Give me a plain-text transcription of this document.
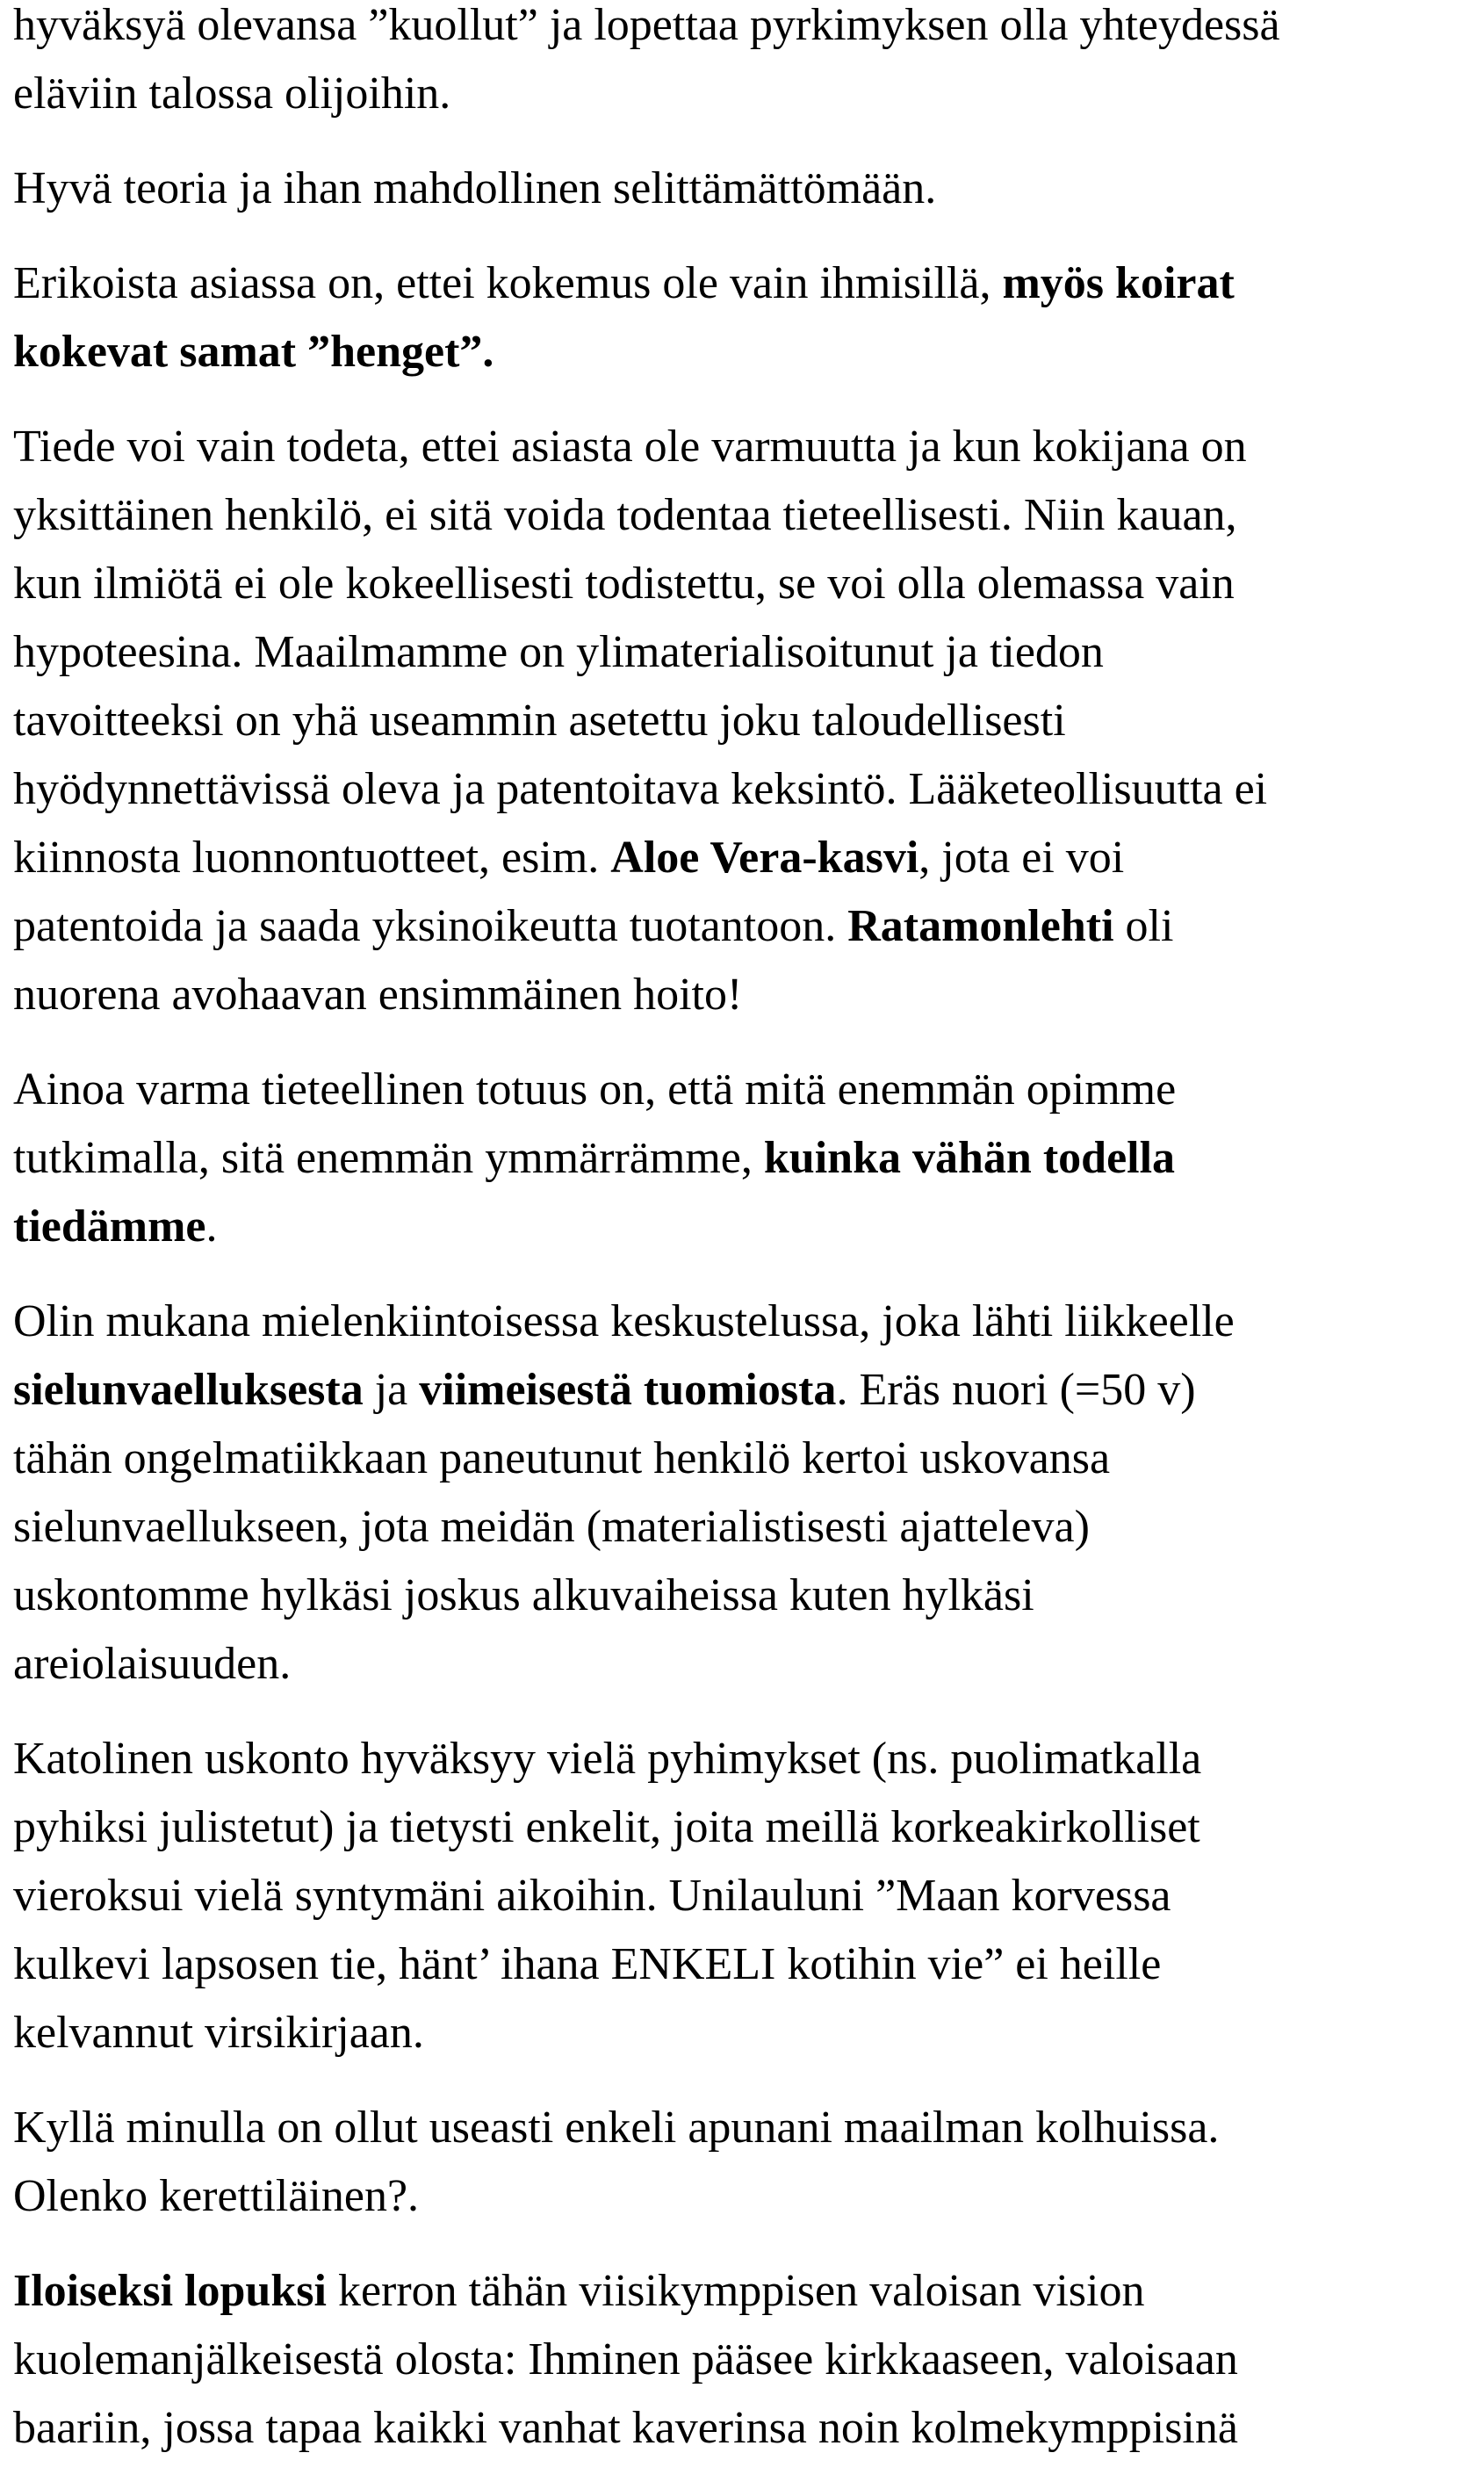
hyväksyä olevansa ”kuollut” ja lopettaa pyrkimyksen olla yhteydessä
eläviin talossa olijoihin.

Hyvä teoria ja ihan mahdollinen selittämättömään.

Erikoista asiassa on, ettei kokemus ole vain ihmisillä, myös koirat
kokevat samat ”henget”.

Tiede voi vain todeta, ettei asiasta ole varmuutta ja kun kokijana on
yksittäinen henkilö, ei sitä voida todentaa tieteellisesti. Niin kauan,
kun ilmiötä ei ole kokeellisesti todistettu, se voi olla olemassa vain
hypoteesina. Maailmamme on ylimaterialisoitunut ja tiedon
tavoitteeksi on yhä useammin asetettu joku taloudellisesti
hyödynnettävissä oleva ja patentoitava keksintö. Lääketeollisuutta ei
kiinnosta luonnontuotteet, esim. Aloe Vera-kasvi, jota ei voi
patentoida ja saada yksinoikeutta tuotantoon. Ratamonlehti oli
nuorena avohaavan ensimmäinen hoito!

Ainoa varma tieteellinen totuus on, että mitä enemmän opimme
tutkimalla, sitä enemmän ymmärrämme, kuinka vähän todella
tiedämme.

Olin mukana mielenkiintoisessa keskustelussa, joka lähti liikkeelle
sielunvaelluksesta ja viimeisestä tuomiosta. Eräs nuori (=50 v)
tähän ongelmatiikkaan paneutunut henkilö kertoi uskovansa
sielunvaellukseen, jota meidän (materialistisesti ajatteleva)
uskontomme hylkäsi joskus alkuvaiheissa kuten hylkäsi
areiolaisuuden.

Katolinen uskonto hyväksyy vielä pyhimykset (ns. puolimatkalla
pyhiksi julistetut) ja tietysti enkelit, joita meillä korkeakirkolliset
vieroksui vielä syntymäni aikoihin. Unilauluni ”Maan korvessa
kulkevi lapsosen tie, hänt’ ihana ENKELI kotihin vie” ei heille
kelvannut virsikirjaan.

Kyllä minulla on ollut useasti enkeli apunani maailman kolhuissa.
Olenko kerettiläinen?.

Iloiseksi lopuksi kerron tähän viisikymppisen valoisan vision
kuolemanjälkeisestä olosta: Ihminen pääsee kirkkaaseen, valoisaan
baariin, jossa tapaa kaikki vanhat kaverinsa noin kolmekymppisinä
